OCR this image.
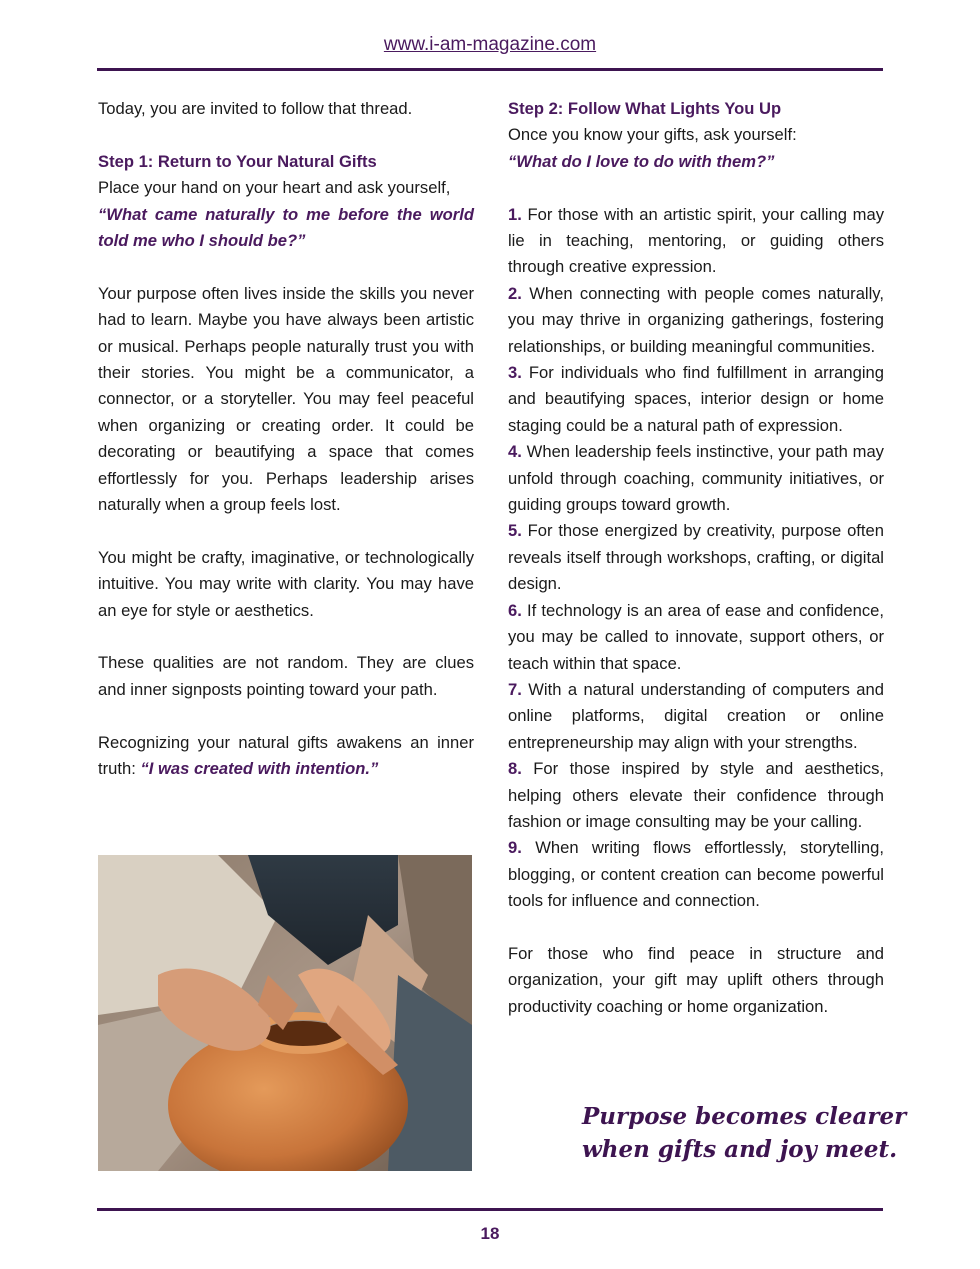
www.i-am-magazine.com

Today, you are invited to follow that thread.

Step 1: Return to Your Natural Gifts
Place your hand on your heart and ask yourself,
“What came naturally to me before the world told me who I should be?”

Your purpose often lives inside the skills you never had to learn. Maybe you have always been artistic or musical. Perhaps people naturally trust you with their stories. You might be a communicator, a connector, or a storyteller. You may feel peaceful when organizing or creating order. It could be decorating or beautifying a space that comes effortlessly for you. Perhaps leadership arises naturally when a group feels lost.

You might be crafty, imaginative, or technologically intuitive. You may write with clarity. You may have an eye for style or aesthetics.

These qualities are not random. They are clues and inner signposts pointing toward your path.

Recognizing your natural gifts awakens an inner truth: “I was created with intention.”

Step 2: Follow What Lights You Up
Once you know your gifts, ask yourself:
“What do I love to do with them?”

1. For those with an artistic spirit, your calling may lie in teaching, mentoring, or guiding others through creative expression.

2. When connecting with people comes naturally, you may thrive in organizing gatherings, fostering relationships, or building meaningful communities.

3. For individuals who find fulfillment in arranging and beautifying spaces, interior design or home staging could be a natural path of expression.

4. When leadership feels instinctive, your path may unfold through coaching, community initiatives, or guiding groups toward growth.

5. For those energized by creativity, purpose often reveals itself through workshops, crafting, or digital design.

6. If technology is an area of ease and confidence, you may be called to innovate, support others, or teach within that space.

7. With a natural understanding of computers and online platforms, digital creation or online entrepreneurship may align with your strengths.

8. For those inspired by style and aesthetics, helping others elevate their confidence through fashion or image consulting may be your calling.

9. When writing flows effortlessly, storytelling, blogging, or content creation can become powerful tools for influence and connection.

For those who find peace in structure and organization, your gift may uplift others through productivity coaching or home organization.

Purpose becomes clearer
when gifts and joy meet.
18
